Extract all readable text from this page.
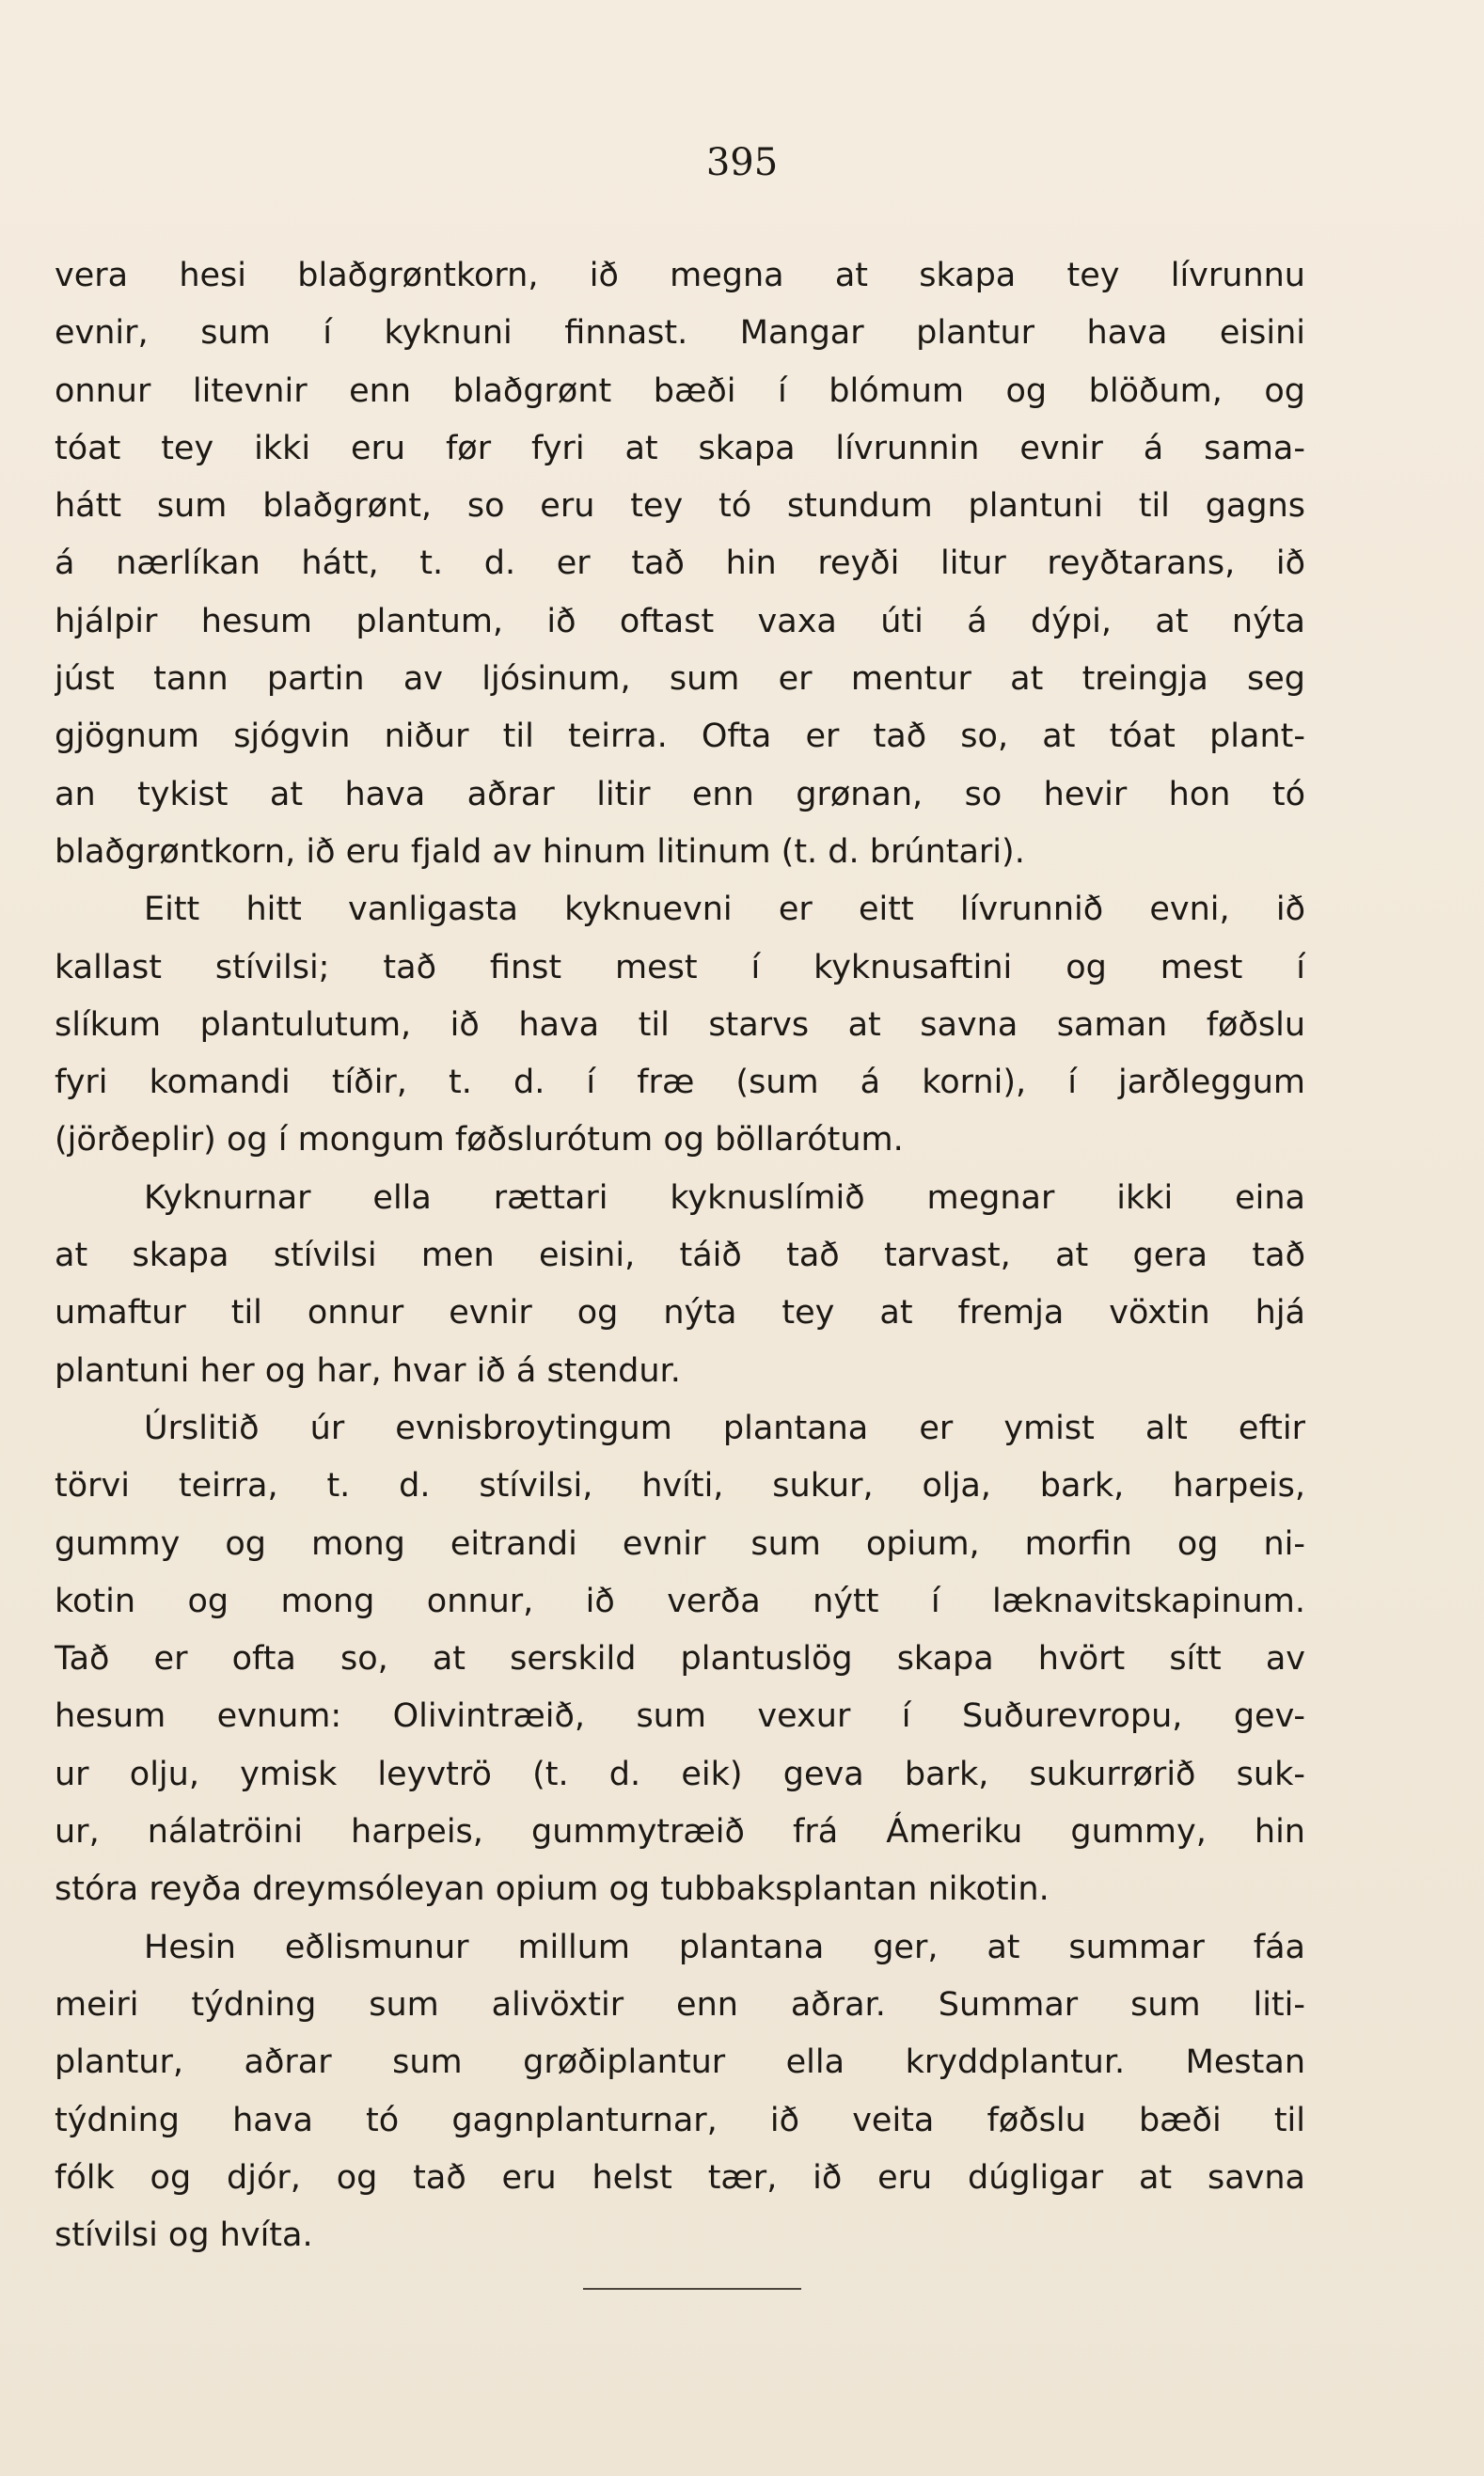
395

vera hesi blaðgrøntkorn, ið megna at skapa tey lívrunnu
evnir, sum í kyknuni finnast. Mangar plantur hava eisini
onnur litevnir enn blaðgrønt bæði í blómum og blöðum, og
tóat tey ikki eru før fyri at skapa lívrunnin evnir á sama-
hátt sum blaðgrønt, so eru tey tó stundum plantuni til gagns
á nærlíkan hátt, t. d. er tað hin reyði litur reyðtarans, ið
hjálpir hesum plantum, ið oftast vaxa úti á dýpi, at nýta
júst tann partin av ljósinum, sum er mentur at treingja seg
gjögnum sjógvin niður til teirra. Ofta er tað so, at tóat plant-
an tykist at hava aðrar litir enn grønan, so hevir hon tó
blaðgrøntkorn, ið eru fjald av hinum litinum (t. d. brúntari).
Eitt hitt vanligasta kyknuevni er eitt lívrunnið evni, ið
kallast stívilsi; tað finst mest í kyknusaftini og mest í
slíkum plantulutum, ið hava til starvs at savna saman føðslu
fyri komandi tíðir, t. d. í fræ (sum á korni), í jarðleggum
(jörðeplir) og í mongum føðslurótum og böllarótum.
Kyknurnar ella rættari kyknuslímið megnar ikki eina
at skapa stívilsi men eisini, táið tað tarvast, at gera tað
umaftur til onnur evnir og nýta tey at fremja vöxtin hjá
plantuni her og har, hvar ið á stendur.
Úrslitið úr evnisbroytingum plantana er ymist alt eftir
törvi teirra, t. d. stívilsi, hvíti, sukur, olja, bark, harpeis,
gummy og mong eitrandi evnir sum opium, morfin og ni-
kotin og mong onnur, ið verða nýtt í læknavitskapinum.
Tað er ofta so, at serskild plantuslög skapa hvört sítt av
hesum evnum: Olivintræið, sum vexur í Suðurevropu, gev-
ur olju, ymisk leyvtrö (t. d. eik) geva bark, sukurrørið suk-
ur, nálatröini harpeis, gummytræið frá Ámeriku gummy, hin
stóra reyða dreymsóleyan opium og tubbaksplantan nikotin.
Hesin eðlismunur millum plantana ger, at summar fáa
meiri týdning sum alivöxtir enn aðrar. Summar sum liti-
plantur, aðrar sum grøðiplantur ella kryddplantur. Mestan
týdning hava tó gagnplanturnar, ið veita føðslu bæði til
fólk og djór, og tað eru helst tær, ið eru dúgligar at savna
stívilsi og hvíta.
